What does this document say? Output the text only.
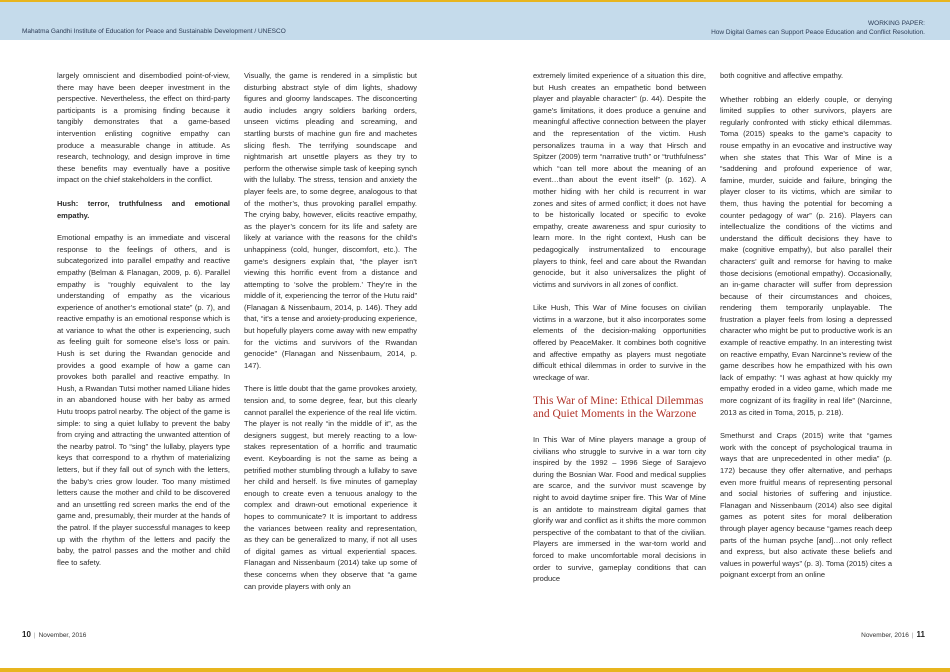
Mahatma Gandhi Institute of Education for Peace and Sustainable Development / UNESCO
WORKING PAPER:
How Digital Games can Support Peace Education and Conflict Resolution.

largely omniscient and disembodied point-of-view, there may have been deeper investment in the perspective. Nevertheless, the effect on third-party participants is a promising finding because it tangibly demonstrates that a game-based intervention enlisting cognitive empathy can produce a measurable change in attitude. As research, technology, and design improve in time these benefits may eventually have a positive impact on the chief stakeholders in the conflict.

Hush: terror, truthfulness and emotional empathy.

Emotional empathy is an immediate and visceral response to the feelings of others, and is subcategorized into parallel empathy and reactive empathy (Belman & Flanagan, 2009, p. 6). Parallel empathy is “roughly equivalent to the lay understanding of empathy as the vicarious experience of another’s emotional state” (p. 7), and reactive empathy is an emotional response which is at variance to what the other is experiencing, such as feeling guilt for someone else’s loss or pain. Hush is set during the Rwandan genocide and provides a good example of how a game can provokes both parallel and reactive empathy. In Hush, a Rwandan Tutsi mother named Liliane hides in an abandoned house with her baby as armed Hutu troops patrol nearby. The object of the game is simple: to sing a quiet lullaby to prevent the baby from crying and attracting the unwanted attention of the nearby patrol. To “sing” the lullaby, players type keys that correspond to a rhythm of materializing letters, but if they fall out of synch with the letters, the baby’s cries grow louder. Too many mistimed letters cause the mother and child to be discovered and an unsettling red screen marks the end of the game and, presumably, their murder at the hands of the patrol. If the player successful manages to keep up with the rhythm of the letters and pacify the baby, the patrol passes and the mother and child flee to safety.

Visually, the game is rendered in a simplistic but disturbing abstract style of dim lights, shadowy figures and gloomy landscapes. The disconcerting audio includes angry soldiers barking orders, unseen victims pleading and screaming, and startling bursts of machine gun fire and machetes slicing flesh. The terrifying soundscape and nightmarish art unsettle players as they try to perform the otherwise simple task of keeping synch with the lullaby. The stress, tension and anxiety the player feels are, to some degree, analogous to that of the mother’s, thus provoking parallel empathy. The crying baby, however, elicits reactive empathy, as the player’s concern for its life and safety are likely at variance with the reasons for the child’s unhappiness (cold, hunger, discomfort, etc.). The game’s designers explain that, “the player isn’t viewing this horrific event from a distance and attempting to ‘solve the problem.’ They’re in the middle of it, experiencing the terror of the Hutu raid” (Flanagan & Nissenbaum, 2014, p. 146). They add that, “it’s a tense and anxiety-producing experience, but hopefully players come away with new empathy for the victims and survivors of the Rwandan genocide” (Flanagan and Nissenbaum, 2014, p. 147).

There is little doubt that the game provokes anxiety, tension and, to some degree, fear, but this clearly cannot parallel the experience of the real life victim. The player is not really “in the middle of it”, as the designers suggest, but merely reacting to a low-stakes representation of a horrific and traumatic event. Keyboarding is not the same as being a petrified mother stumbling through a lullaby to save her child and herself. Is five minutes of gameplay enough to create even a tenuous analogy to the complex and drawn-out emotional experience it hopes to communicate? It is important to address the variances between reality and representation, as they can be generalized to many, if not all uses of digital games as virtual experiential spaces. Flanagan and Nissenbaum (2014) take up some of these concerns when they observe that “a game can provide players with only an

extremely limited experience of a situation this dire, but Hush creates an empathetic bond between player and playable character” (p. 44). Despite the game’s limitations, it does produce a genuine and meaningful affective connection between the player and the representation of the victim. Hush personalizes trauma in a way that Hirsch and Spitzer (2009) term “narrative truth” or “truthfulness” which “can tell more about the meaning of an event…than about the event itself” (p. 162). A mother hiding with her child is recurrent in war zones and sites of armed conflict; it does not have to be historically located or specific to evoke empathy, create awareness and spur curiosity to learn more. In the right context, Hush can be pedagogically instrumentalized to encourage players to think, feel and care about the Rwandan genocide, but it also universalizes the plight of victims and survivors in all zones of conflict.

Like Hush, This War of Mine focuses on civilian victims in a warzone, but it also incorporates some elements of the decision-making opportunities offered by PeaceMaker. It combines both cognitive and affective empathy as players must negotiate difficult ethical dilemmas in order to survive in the wreckage of war.

This War of Mine: Ethical Dilemmas and Quiet Moments in the Warzone

In This War of Mine players manage a group of civilians who struggle to survive in a war torn city inspired by the 1992 – 1996 Siege of Sarajevo during the Bosnian War. Food and medical supplies are scarce, and the survivor must scavenge by night to avoid daytime sniper fire. This War of Mine is an antidote to mainstream digital games that glorify war and conflict as it shifts the more common perspective of the combatant to that of the civilian. Players are immersed in the war-torn world and forced to make uncomfortable moral decisions in order to survive, gameplay conditions that can produce

both cognitive and affective empathy.

Whether robbing an elderly couple, or denying limited supplies to other survivors, players are regularly confronted with sticky ethical dilemmas. Toma (2015) speaks to the game’s capacity to rouse empathy in an evocative and instructive way when she states that This War of Mine is a “saddening and profound experience of war, famine, murder, suicide and failure, bringing the player closer to its victims, which are similar to them, thus having the potential for becoming a counter pedagogy of war” (p. 216). Players can intellectualize the conditions of the victims and understand the difficult decisions they have to make (cognitive empathy), but also parallel their characters’ guilt and remorse for having to make those decisions (emotional empathy). Occasionally, an in-game character will suffer from depression because of their circumstances and choices, rendering them temporarily unplayable. The frustration a player feels from losing a depressed character who might be put to productive work is an example of reactive empathy. In an interesting twist on reactive empathy, Evan Narcinne’s review of the game describes how he empathized with his own lack of empathy: “I was aghast at how quickly my empathy eroded in a video game, which made me more cognizant of its fragility in real life” (Narcinne, 2013 as cited in Toma, 2015, p. 218).

Smethurst and Craps (2015) write that “games work with the concept of psychological trauma in ways that are unprecedented in other media” (p. 172) because they offer alternative, and perhaps even more fruitful means of representing personal and social histories of suffering and injustice. Flanagan and Nissenbaum (2014) also see digital games as potent sites for moral deliberation through player agency because “games reach deep parts of the human psyche [and]…not only reflect and express, but also activate these beliefs and values in powerful ways” (p. 3). Toma (2015) cites a poignant excerpt from an online

10 | November, 2016	November, 2016 | 11
